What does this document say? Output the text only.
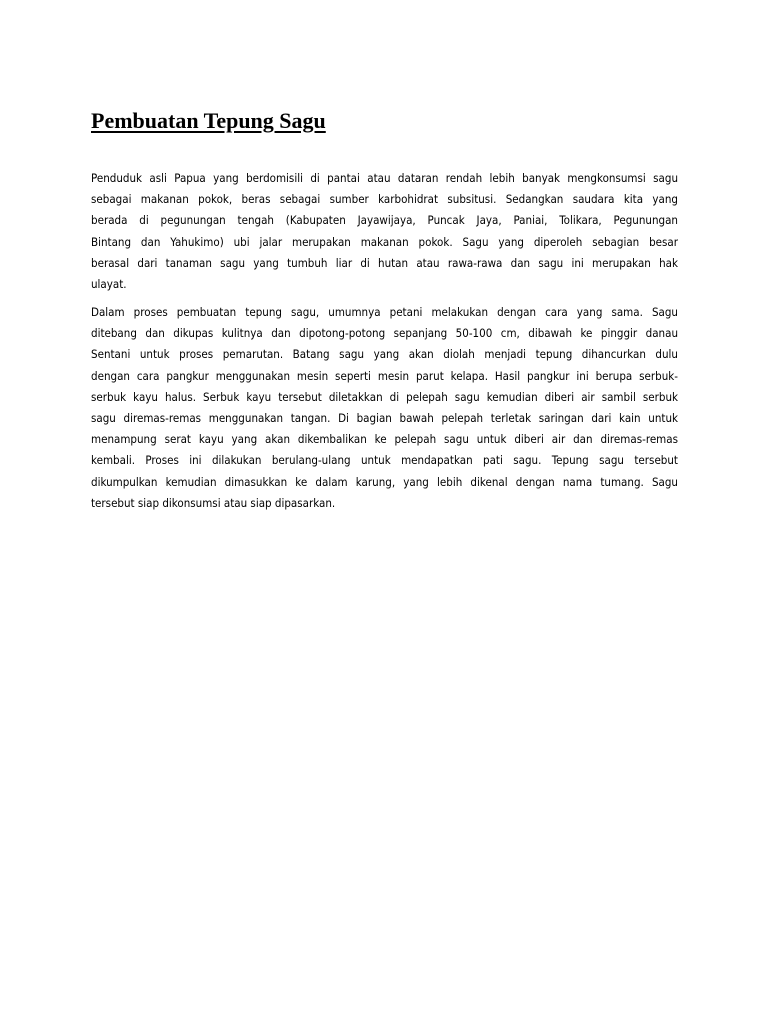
Pembuatan Tepung Sagu
Penduduk asli Papua yang berdomisili di pantai atau dataran rendah lebih banyak mengkonsumsi sagu
sebagai makanan pokok, beras sebagai sumber karbohidrat subsitusi. Sedangkan saudara kita yang
berada di pegunungan tengah (Kabupaten Jayawijaya, Puncak Jaya, Paniai, Tolikara, Pegunungan
Bintang dan Yahukimo) ubi jalar merupakan makanan pokok. Sagu yang diperoleh sebagian besar
berasal dari tanaman sagu yang tumbuh liar di hutan atau rawa-rawa dan sagu ini merupakan hak
ulayat.
Dalam proses pembuatan tepung sagu, umumnya petani melakukan dengan cara yang sama. Sagu
ditebang dan dikupas kulitnya dan dipotong-potong sepanjang 50-100 cm, dibawah ke pinggir danau
Sentani untuk proses pemarutan. Batang sagu yang akan diolah menjadi tepung dihancurkan dulu
dengan cara pangkur menggunakan mesin seperti mesin parut kelapa. Hasil pangkur ini berupa serbuk-
serbuk kayu halus. Serbuk kayu tersebut diletakkan di pelepah sagu kemudian diberi air sambil serbuk
sagu diremas-remas menggunakan tangan. Di bagian bawah pelepah terletak saringan dari kain untuk
menampung serat kayu yang akan dikembalikan ke pelepah sagu untuk diberi air dan diremas-remas
kembali. Proses ini dilakukan berulang-ulang untuk mendapatkan pati sagu. Tepung sagu tersebut
dikumpulkan kemudian dimasukkan ke dalam karung, yang lebih dikenal dengan nama tumang. Sagu
tersebut siap dikonsumsi atau siap dipasarkan.
